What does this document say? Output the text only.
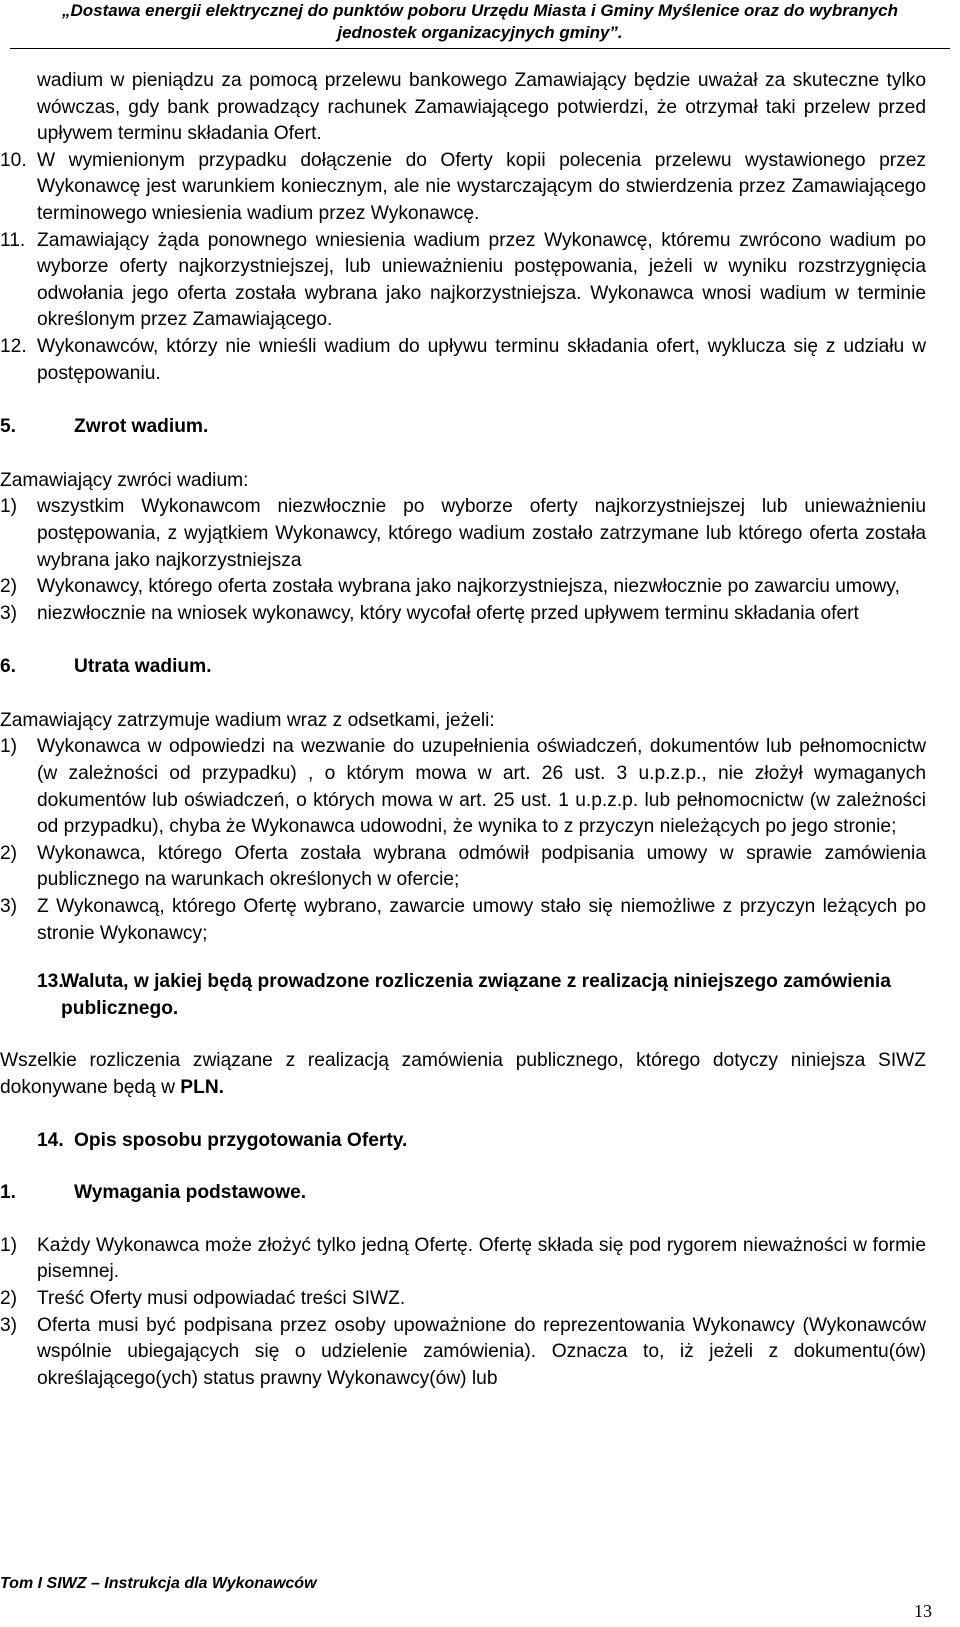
„Dostawa energii elektrycznej do punktów poboru Urzędu Miasta i Gminy Myślenice oraz do wybranych
jednostek organizacyjnych gminy”.

wadium w pieniądzu za pomocą przelewu bankowego Zamawiający będzie uważał za skuteczne tylko wówczas, gdy bank prowadzący rachunek Zamawiającego potwierdzi, że otrzymał taki przelew przed upływem terminu składania Ofert.

10. W wymienionym przypadku dołączenie do Oferty kopii polecenia przelewu wystawionego przez Wykonawcę jest warunkiem koniecznym, ale nie wystarczającym do stwierdzenia przez Zamawiającego terminowego wniesienia wadium przez Wykonawcę.
11. Zamawiający żąda ponownego wniesienia wadium przez Wykonawcę, któremu zwrócono wadium po wyborze oferty najkorzystniejszej, lub unieważnieniu postępowania, jeżeli w wyniku rozstrzygnięcia odwołania jego oferta została wybrana jako najkorzystniejsza. Wykonawca wnosi wadium w terminie określonym przez Zamawiającego.
12. Wykonawców, którzy nie wnieśli wadium do upływu terminu składania ofert, wyklucza się z udziału w postępowaniu.
5.	Zwrot wadium.

Zamawiający zwróci wadium:

1) wszystkim Wykonawcom niezwłocznie po wyborze oferty najkorzystniejszej lub unieważnieniu postępowania, z wyjątkiem Wykonawcy, którego wadium zostało zatrzymane lub którego oferta została wybrana jako najkorzystniejsza
2) Wykonawcy, którego oferta została wybrana jako najkorzystniejsza, niezwłocznie po zawarciu umowy,
3) niezwłocznie na wniosek wykonawcy, który wycofał ofertę przed upływem terminu składania ofert
6.	Utrata wadium.

Zamawiający zatrzymuje wadium wraz z odsetkami, jeżeli:

1) Wykonawca w odpowiedzi na wezwanie do uzupełnienia oświadczeń, dokumentów lub pełnomocnictw (w zależności od przypadku) , o którym mowa w art. 26 ust. 3 u.p.z.p., nie złożył wymaganych dokumentów lub oświadczeń, o których mowa w art. 25 ust. 1 u.p.z.p. lub pełnomocnictw (w zależności od przypadku), chyba że Wykonawca udowodni, że wynika to z przyczyn nieleżących po jego stronie;
2) Wykonawca, którego Oferta została wybrana odmówił podpisania umowy w sprawie zamówienia publicznego na warunkach określonych w ofercie;
3) Z Wykonawcą, którego Ofertę wybrano, zawarcie umowy stało się niemożliwe z przyczyn leżących po stronie Wykonawcy;
13.
Waluta, w jakiej będą prowadzone rozliczenia związane z realizacją niniejszego zamówienia publicznego.

Wszelkie rozliczenia związane z realizacją zamówienia publicznego, którego dotyczy niniejsza SIWZ dokonywane będą w PLN.

14. Opis sposobu przygotowania Oferty.
1.	Wymagania podstawowe.
1) Każdy Wykonawca może złożyć tylko jedną Ofertę. Ofertę składa się pod rygorem nieważności w formie pisemnej.
2) Treść Oferty musi odpowiadać treści SIWZ.
3) Oferta musi być podpisana przez osoby upoważnione do reprezentowania Wykonawcy (Wykonawców wspólnie ubiegających się o udzielenie zamówienia). Oznacza to, iż jeżeli z dokumentu(ów) określającego(ych) status prawny Wykonawcy(ów) lub
Tom I SIWZ – Instrukcja dla Wykonawców
13
